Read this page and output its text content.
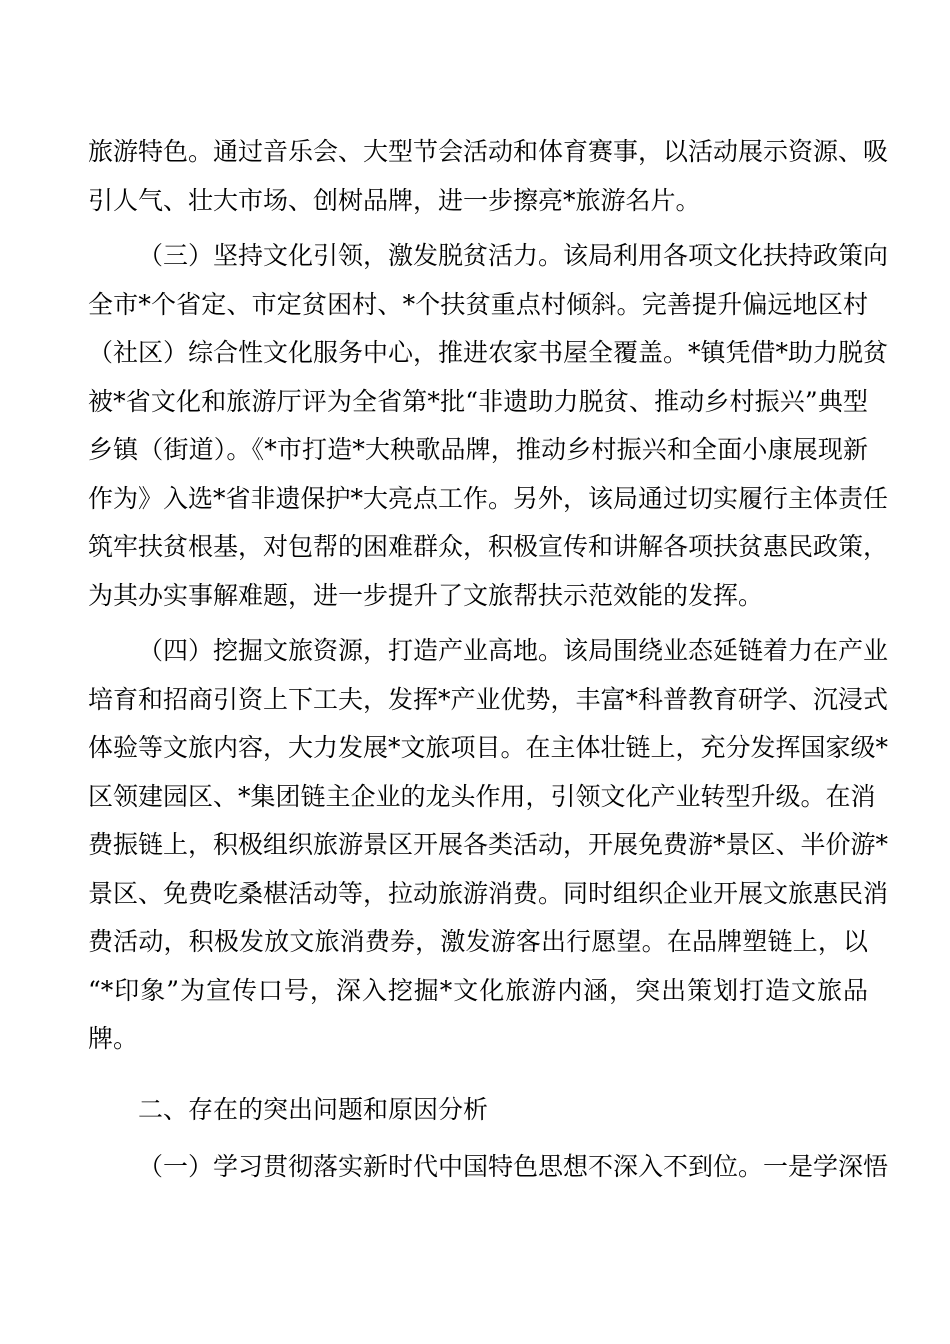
旅游特色。通过音乐会、大型节会活动和体育赛事，以活动展示资源、吸
引人气、壮大市场、创树品牌，进一步擦亮*旅游名片。
（三）坚持文化引领，激发脱贫活力。该局利用各项文化扶持政策向
全市*个省定、市定贫困村、*个扶贫重点村倾斜。完善提升偏远地区村
（社区）综合性文化服务中心，推进农家书屋全覆盖。*镇凭借*助力脱贫
被*省文化和旅游厅评为全省第*批“非遗助力脱贫、推动乡村振兴”典型
乡镇（街道）。《*市打造*大秧歌品牌，推动乡村振兴和全面小康展现新
作为》入选*省非遗保护*大亮点工作。另外，该局通过切实履行主体责任
筑牢扶贫根基，对包帮的困难群众，积极宣传和讲解各项扶贫惠民政策，
为其办实事解难题，进一步提升了文旅帮扶示范效能的发挥。
（四）挖掘文旅资源，打造产业高地。该局围绕业态延链着力在产业
培育和招商引资上下工夫，发挥*产业优势，丰富*科普教育研学、沉浸式
体验等文旅内容，大力发展*文旅项目。在主体壮链上，充分发挥国家级*
区领建园区、*集团链主企业的龙头作用，引领文化产业转型升级。在消
费振链上，积极组织旅游景区开展各类活动，开展免费游*景区、半价游*
景区、免费吃桑椹活动等，拉动旅游消费。同时组织企业开展文旅惠民消
费活动，积极发放文旅消费券，激发游客出行愿望。在品牌塑链上，以
“*印象”为宣传口号，深入挖掘*文化旅游内涵，突出策划打造文旅品
牌。
二、存在的突出问题和原因分析
（一）学习贯彻落实新时代中国特色思想不深入不到位。一是学深悟
